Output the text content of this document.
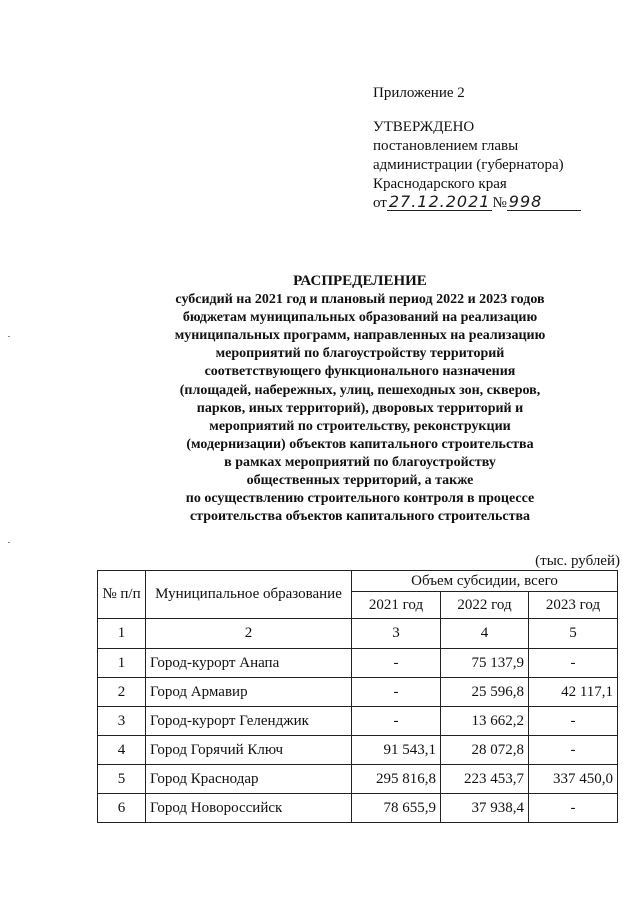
Приложение 2
УТВЕРЖДЕНО
постановлением главы
администрации (губернатора)
Краснодарского края
от 27.12.2021 № 998
РАСПРЕДЕЛЕНИЕ
субсидий на 2021 год и плановый период 2022 и 2023 годов
бюджетам муниципальных образований на реализацию
муниципальных программ, направленных на реализацию
мероприятий по благоустройству территорий
соответствующего функционального назначения
(площадей, набережных, улиц, пешеходных зон, скверов,
парков, иных территорий), дворовых территорий и
мероприятий по строительству, реконструкции
(модернизации) объектов капитального строительства
в рамках мероприятий по благоустройству
общественных территорий, а также
по осуществлению строительного контроля в процессе
строительства объектов капитального строительства
(тыс. рублей)
№ п/п	Муниципальное образование	Объем субсидии, всего		
		2021 год	2022 год	2023 год
1	2	3	4	5
1	Город-курорт Анапа	-	75 137,9	-
2	Город Армавир	-	25 596,8	42 117,1
3	Город-курорт Геленджик	-	13 662,2	-
4	Город Горячий Ключ	91 543,1	28 072,8	-
5	Город Краснодар	295 816,8	223 453,7	337 450,0
6	Город Новороссийск	78 655,9	37 938,4	-
